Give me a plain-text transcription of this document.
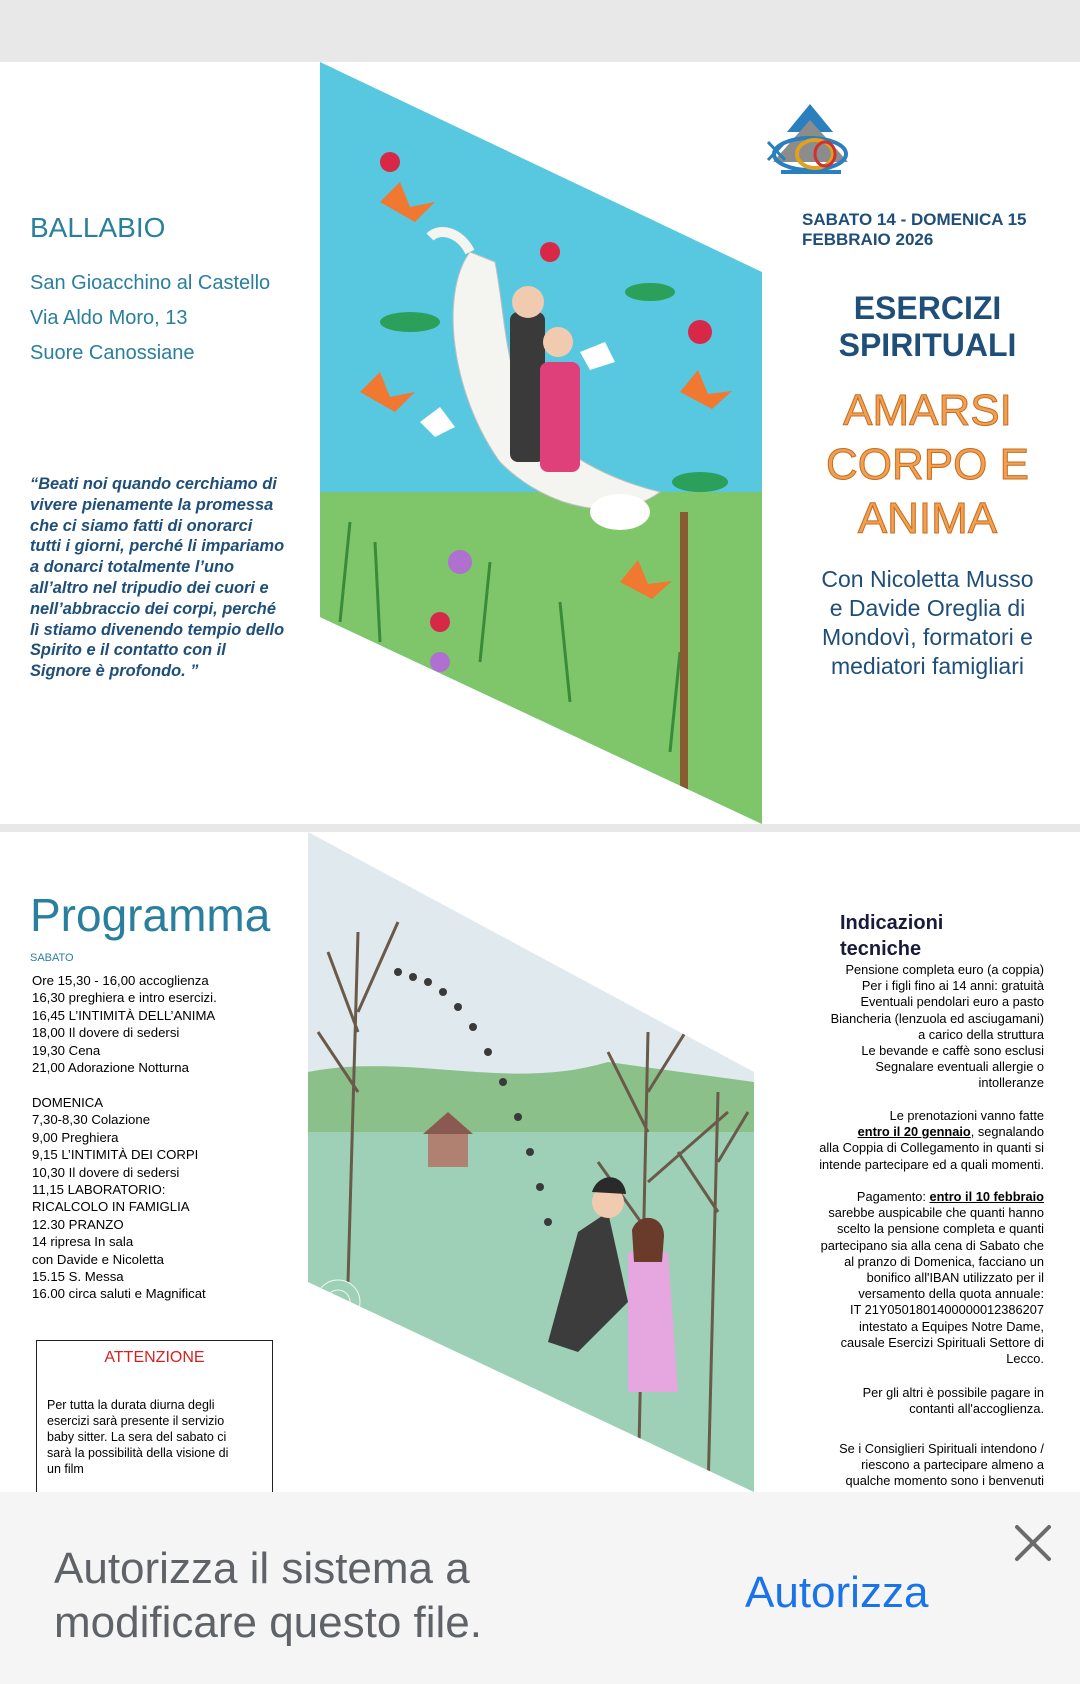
BALLABIO
San Gioacchino al Castello
Via Aldo Moro, 13
Suore Canossiane
“Beati noi quando cerchiamo di
vivere pienamente la promessa
che ci siamo fatti di onorarci
tutti i giorni, perché li impariamo
a donarci totalmente l’uno
all’altro nel tripudio dei cuori e
nell’abbraccio dei corpi, perché
lì stiamo divenendo tempio dello
Spirito e il contatto con il
Signore è profondo. ”
SABATO 14 - DOMENICA 15
FEBBRAIO 2026
ESERCIZI
SPIRITUALI
AMARSI
CORPO E
ANIMA
Con Nicoletta Musso
e Davide Oreglia di
Mondovì, formatori e
mediatori famigliari
Programma
SABATO
Ore 15,30 - 16,00 accoglienza
16,30 preghiera e intro esercizi.
16,45 L’INTIMITÀ DELL’ANIMA
18,00 Il dovere di sedersi
19,30 Cena
21,00 Adorazione Notturna
DOMENICA
7,30-8,30 Colazione
9,00 Preghiera
9,15 L’INTIMITÀ DEI CORPI
10,30 Il dovere di sedersi
11,15 LABORATORIO:
RICALCOLO IN FAMIGLIA
12.30 PRANZO
14 ripresa In sala
con Davide e Nicoletta
15.15 S. Messa
16.00 circa saluti e Magnificat
ATTENZIONE
Per tutta la durata diurna degli
esercizi sarà presente il servizio
baby sitter. La sera del sabato ci
sarà la possibilità della visione di
un film
Indicazioni
tecniche
Pensione completa euro (a coppia)
Per i figli fino ai 14 anni: gratuità
Eventuali pendolari euro a pasto
Biancheria (lenzuola ed asciugamani)
a carico della struttura
Le bevande e caffè sono esclusi
Segnalare eventuali allergie o
intolleranze
Le prenotazioni vanno fatte
entro il 20 gennaio, segnalando
alla Coppia di Collegamento in quanti si
intende partecipare ed a quali momenti.
Pagamento: entro il 10 febbraio
sarebbe auspicabile che quanti hanno
scelto la pensione completa e quanti
partecipano sia alla cena di Sabato che
al pranzo di Domenica, facciano un
bonifico all'IBAN utilizzato per il
versamento della quota annuale:
IT 21Y0501801400000012386207
intestato a Equipes Notre Dame,
causale Esercizi Spirituali Settore di
Lecco.
Per gli altri è possibile pagare in
contanti all'accoglienza.
Se i Consiglieri Spirituali intendono /
riescono a partecipare almeno a
qualche momento sono i benvenuti
Autorizza il sistema a
modificare questo file.
Autorizza
